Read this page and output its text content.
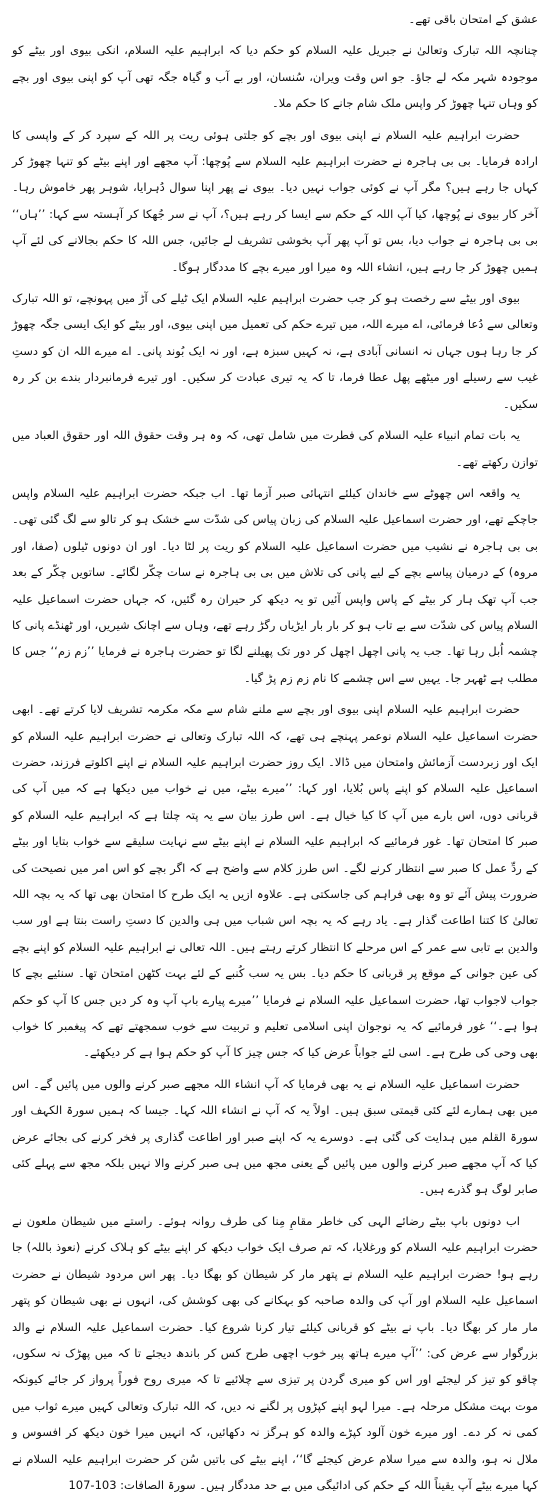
عشق کے امتحان باقی تھے۔

چنانچہ اللہ تبارک وتعالیٰ نے جبریل علیہ السلام کو حکم دیا کہ ابراہیم علیہ السلام، انکی بیوی اور بیٹے کو موجودہ شہر مکہ لے جاؤ۔ جو اس وقت ویران، سُنسان، اور بے آب و گیاہ جگہ تھی آپ کو اپنی بیوی اور بچے کو وہاں تنہا چھوڑ کر واپس ملک شام جانے کا حکم ملا۔

حضرت ابراہیم علیہ السلام نے اپنی بیوی اور بچے کو جلتی ہوئی ریت پر اللہ کے سپرد کر کے واپسی کا ارادہ فرمایا۔ بی بی ہاجرہ نے حضرت ابراہیم علیہ السلام سے پُوچھا: آپ مجھے اور اپنے بیٹے کو تنہا چھوڑ کر کہاں جا رہے ہیں؟ مگر آپ نے کوئی جواب نہیں دیا۔ بیوی نے پھر اپنا سوال دُہرایا، شوہر پھر خاموش رہا۔ آخر کار بیوی نے پُوچھا، کیا آپ اللہ کے حکم سے ایسا کر رہے ہیں؟، آپ نے سر جُھکا کر آہستہ سے کہا: ’’ہاں‘‘ بی بی ہاجرہ نے جواب دیا، بس تو آپ پھر آپ بخوشی تشریف لے جائیں، جس اللہ کا حکم بجالانے کی لئے آپ ہمیں چھوڑ کر جا رہے ہیں، انشاء اللہ وہ میرا اور میرے بچے کا مددگار ہوگا۔

بیوی اور بیٹے سے رخصت ہو کر جب حضرت ابراہیم علیہ السلام ایک ٹیلے کی آڑ میں پہونچے، تو اللہ تبارک وتعالی سے دُعا فرمائی، اے میرے اللہ، میں تیرے حکم کی تعمیل میں اپنی بیوی، اور بیٹے کو ایک ایسی جگہ چھوڑ کر جا رہا ہوں جہاں نہ انسانی آبادی ہے، نہ کہیں سبزہ ہے، اور نہ ایک بُوند پانی۔ اے میرے اللہ ان کو دستِ غیب سے رسیلے اور میٹھے پھل عطا فرما، تا کہ یہ تیری عبادت کر سکیں۔ اور تیرے فرمانبردار بندے بن کر رہ سکیں۔

یہ بات تمام انبیاء علیہ السلام کی فطرت میں شامل تھی، کہ وہ ہر وقت حقوق اللہ اور حقوق العباد میں توازن رکھتے تھے۔

یہ واقعہ اس چھوٹے سے خاندان کیلئے انتہائی صبر آزما تھا۔ اب جبکہ حضرت ابراہیم علیہ السلام واپس جاچکے تھے، اور حضرت اسماعیل علیہ السلام کی زبان پیاس کی شدّت سے خشک ہو کر تالو سے لگ گئی تھی۔ بی بی ہاجرہ نے نشیب میں حضرت اسماعیل علیہ السلام کو ریت پر لٹا دیا۔ اور ان دونوں ٹیلوں (صفا، اور مروہ) کے درمیان پیاسے بچے کے لیے پانی کی تلاش میں بی بی ہاجرہ نے سات چکّر لگائے۔ ساتویں چکّر کے بعد جب آپ تھک ہار کر بیٹے کے پاس واپس آئیں تو یہ دیکھ کر حیران رہ گئیں، کہ جہاں حضرت اسماعیل علیہ السلام پیاس کی شدّت سے بے تاب ہو کر بار بار ایڑیاں رگڑ رہے تھے، وہاں سے اچانک شیریں، اور ٹھنڈے پانی کا چشمہ اُبل رہا تھا۔ جب یہ پانی اچھل اچھل کر دور تک پھیلنے لگا تو حضرت ہاجرہ نے فرمایا ’’زم زم‘‘ جس کا مطلب ہے ٹھہر جا۔ یہیں سے اس چشمے کا نام زم زم پڑ گیا۔

حضرت ابراہیم علیہ السلام اپنی بیوی اور بچے سے ملنے شام سے مکہ مکرمہ تشریف لایا کرتے تھے۔ ابھی حضرت اسماعیل علیہ السلام نوعمر پہنچے ہی تھے، کہ اللہ تبارک وتعالی نے حضرت ابراہیم علیہ السلام کو ایک اور زبردست آزمائش وامتحان میں ڈالا۔ ایک روز حضرت ابراہیم علیہ السلام نے اپنے اکلوتے فرزند، حضرت اسماعیل علیہ السلام کو اپنے پاس بُلایا، اور کہا: ’’میرے بیٹے، میں نے خواب میں دیکھا ہے کہ میں آپ کی قربانی دوں، اس بارے میں آپ کا کیا خیال ہے۔ اس طرز بیان سے یہ پتہ چلتا ہے کہ ابراہیم علیہ السلام کو صبر کا امتحان تھا۔ غور فرمائیے کہ ابراہیم علیہ السلام نے اپنے بیٹے سے نہایت سلیقے سے خواب بتایا اور بیٹے کے ردِّ عمل کا صبر سے انتظار کرنے لگے۔ اس طرز کلام سے واضح ہے کہ اگر بچے کو اس امر میں نصیحت کی ضرورت پیش آئے تو وہ بھی فراہم کی جاسکتی ہے۔ علاوہ ازیں یہ ایک طرح کا امتحان بھی تھا کہ یہ بچہ اللہ تعالیٰ کا کتنا اطاعت گذار ہے۔ یاد رہے کہ یہ بچہ اس شباب میں ہی والدین کا دستِ راست بنتا ہے اور سب والدین بے تابی سے عمر کے اس مرحلے کا انتظار کرتے رہتے ہیں۔ اللہ تعالی نے ابراہیم علیہ السلام کو اپنے بچے کی عین جوانی کے موقع پر قربانی کا حکم دیا۔ بس یہ سب کُنبے کے لئے بہت کٹھن امتحان تھا۔ سنئیے بچے کا جواب لاجواب تھا، حضرت اسماعیل علیہ السلام نے فرمایا ’’میرے پیارے باپ آپ وہ کر دیں جس کا آپ کو حکم ہوا ہے۔‘‘ غور فرمائیے کہ یہ نوجوان اپنی اسلامی تعلیم و تربیت سے خوب سمجھتے تھے کہ پیغمبر کا خواب بھی وحی کی طرح ہے۔ اسی لئے جواباً عرض کیا کہ جس چیز کا آپ کو حکم ہوا ہے کر دیکھئے۔

حضرت اسماعیل علیہ السلام نے یہ بھی فرمایا کہ آپ انشاء اللہ مجھے صبر کرنے والوں میں پائیں گے۔ اس میں بھی ہمارے لئے کئی قیمتی سبق ہیں۔ اولاً یہ کہ آپ نے انشاء اللہ کہا۔ جیسا کہ ہمیں سورۃ الکہف اور سورۃ القلم میں ہدایت کی گئی ہے۔ دوسرے یہ کہ اپنے صبر اور اطاعت گذاری پر فخر کرنے کی بجائے عرض کیا کہ آپ مجھے صبر کرنے والوں میں پائیں گے یعنی مجھ میں ہی صبر کرنے والا نہیں بلکہ مجھ سے پہلے کئی صابر لوگ ہو گذرے ہیں۔

اب دونوں باپ بیٹے رضائے الہی کی خاطر مقامِ مِنا کی طرف روانہ ہوئے۔ راستے میں شیطان ملعون نے حضرت ابراہیم علیہ السلام کو ورغلایا، کہ تم صرف ایک خواب دیکھ کر اپنے بیٹے کو ہلاک کرنے (نعوذ باللہ) جا رہے ہو! حضرت ابراہیم علیہ السلام نے پتھر مار کر شیطان کو بھگا دیا۔ پھر اس مردود شیطان نے حضرت اسماعیل علیہ السلام اور آپ کی والدہ صاحبہ کو بہکانے کی بھی کوشش کی، انہوں نے بھی شیطان کو پتھر مار مار کر بھگا دیا۔ باپ نے بیٹے کو قربانی کیلئے تیار کرنا شروع کیا۔ حضرت اسماعیل علیہ السلام نے والد بزرگوار سے عرض کی: ’’آپ میرے ہاتھ پیر خوب اچھی طرح کس کر باندھ دیجئے تا کہ میں پھڑک نہ سکوں، چاقو کو تیز کر لیجئے اور اس کو میری گردن پر تیزی سے چلائیے تا کہ میری روح فوراً پرواز کر جائے کیونکہ موت بہت مشکل مرحلہ ہے۔ میرا لہو اپنے کپڑوں پر لگنے نہ دیں، کہ اللہ تبارک وتعالی کہیں میرے ثواب میں کمی نہ کر دے۔ اور میرے خون آلود کپڑے والدہ کو ہرگز نہ دکھائیں، کہ انہیں میرا خون دیکھ کر افسوس و ملال نہ ہو، والدہ سے میرا سلام عرض کیجئے گا‘‘، اپنے بیٹے کی باتیں سُن کر حضرت ابراہیم علیہ السلام نے کہا میرے بیٹے آپ یقیناً اللہ کے حکم کی ادائیگی میں بے حد مددگار ہیں۔ سورۃ الصافات: 103-107
